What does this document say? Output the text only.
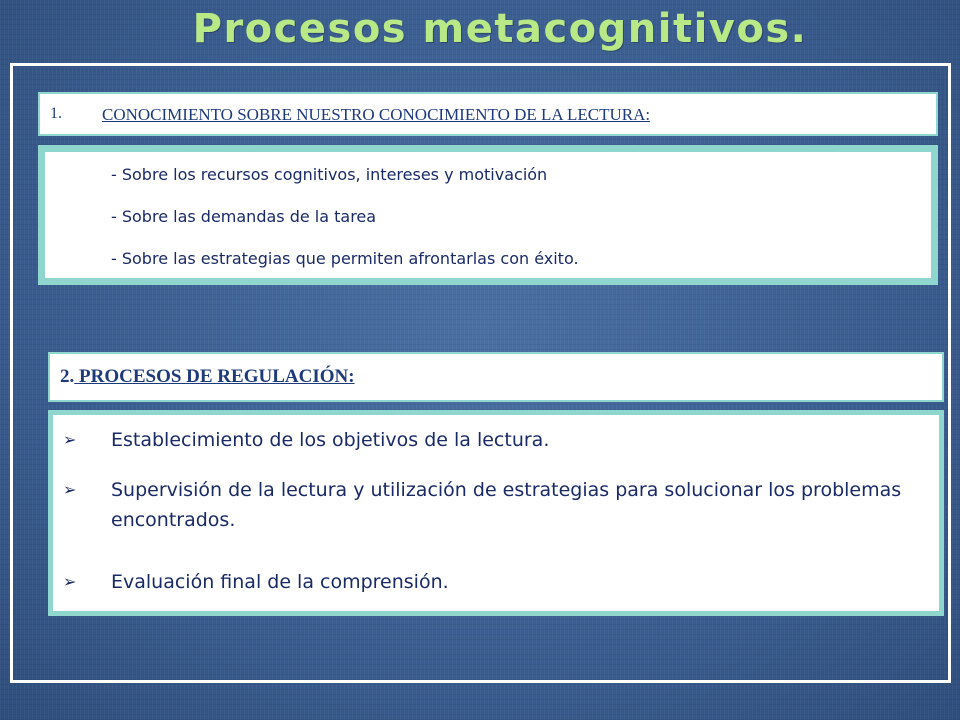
Procesos metacognitivos.
1. CONOCIMIENTO SOBRE NUESTRO CONOCIMIENTO DE LA LECTURA:
- Sobre los recursos cognitivos, intereses y motivación
- Sobre las demandas de la tarea
- Sobre las estrategias que permiten afrontarlas con éxito.
2. PROCESOS DE REGULACIÓN:
➢	Establecimiento de los objetivos de la lectura.
➢	Supervisión de la lectura y utilización de estrategias para solucionar los problemas encontrados.
➢	Evaluación final de la comprensión.
